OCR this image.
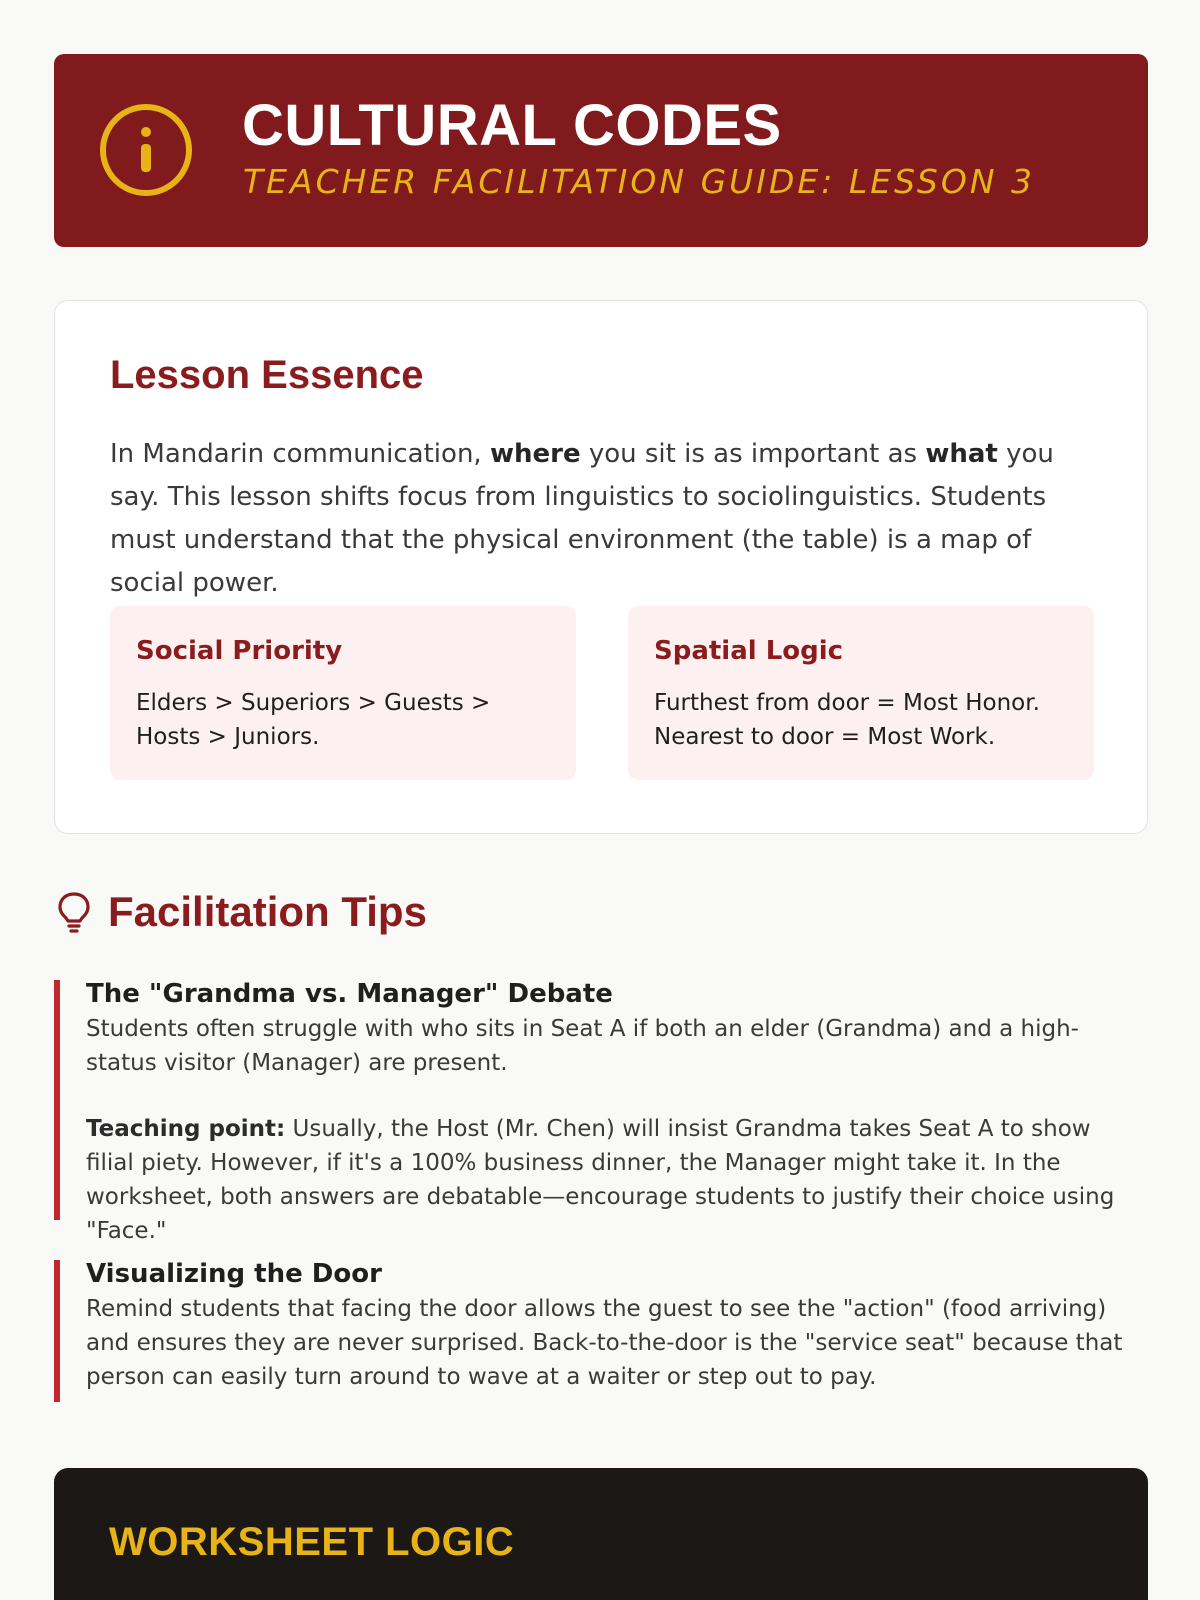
CULTURAL CODES
TEACHER FACILITATION GUIDE: LESSON 3
Lesson Essence
In Mandarin communication, where you sit is as important as what you say. This lesson shifts focus from linguistics to sociolinguistics. Students must understand that the physical environment (the table) is a map of social power.
Social Priority
Elders > Superiors > Guests > Hosts > Juniors.
Spatial Logic
Furthest from door = Most Honor.
Nearest to door = Most Work.
Facilitation Tips
The "Grandma vs. Manager" Debate
Students often struggle with who sits in Seat A if both an elder (Grandma) and a high-status visitor (Manager) are present.
Teaching point: Usually, the Host (Mr. Chen) will insist Grandma takes Seat A to show filial piety. However, if it's a 100% business dinner, the Manager might take it. In the worksheet, both answers are debatable—encourage students to justify their choice using "Face."
Visualizing the Door
Remind students that facing the door allows the guest to see the "action" (food arriving) and ensures they are never surprised. Back-to-the-door is the "service seat" because that person can easily turn around to wave at a waiter or step out to pay.
WORKSHEET LOGIC
